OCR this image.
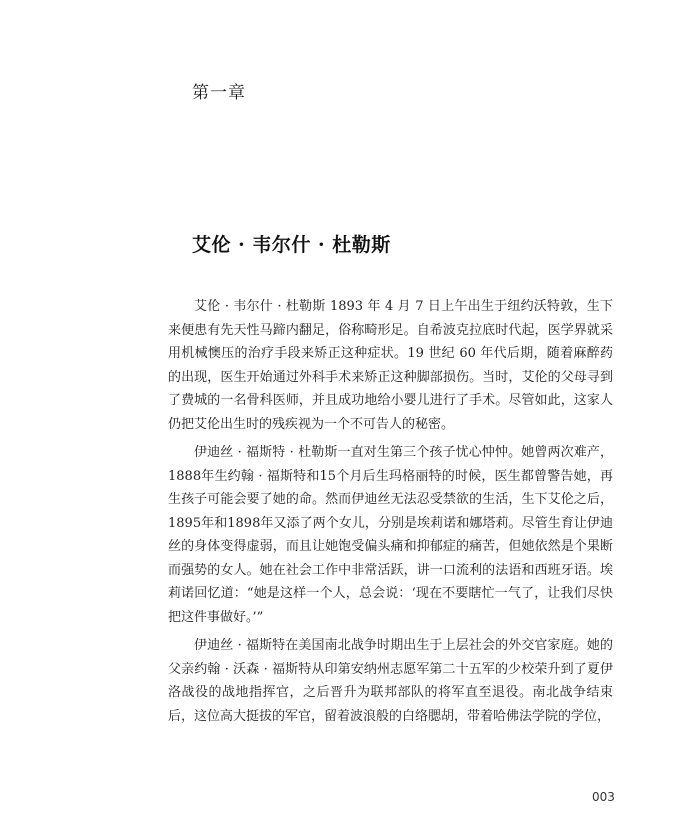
第一章
艾伦 · 韦尔什 · 杜勒斯

艾伦 · 韦尔什 · 杜勒斯 1893 年 4 月 7 日上午出生于纽约沃特敦，生下来便患有先天性马蹄内翻足，俗称畸形足。自希波克拉底时代起，医学界就采用机械懊压的治疗手段来矫正这种症状。19 世纪 60 年代后期，随着麻醉药的出现，医生开始通过外科手术来矫正这种脚部损伤。当时，艾伦的父母寻到了费城的一名骨科医师，并且成功地给小婴儿进行了手术。尽管如此，这家人仍把艾伦出生时的残疾视为一个不可告人的秘密。

伊迪丝 · 福斯特 · 杜勒斯一直对生第三个孩子忧心忡忡。她曾两次难产，1888年生约翰 · 福斯特和15个月后生玛格丽特的时候，医生都曾警告她，再生孩子可能会要了她的命。然而伊迪丝无法忍受禁欲的生活，生下艾伦之后，1895年和1898年又添了两个女儿，分别是埃莉诺和娜塔莉。尽管生育让伊迪丝的身体变得虚弱，而且让她饱受偏头痛和抑郁症的痛苦，但她依然是个果断而强势的女人。她在社会工作中非常活跃，讲一口流利的法语和西班牙语。埃莉诺回忆道：“她是这样一个人，总会说：‘现在不要瞎忙一气了，让我们尽快把这件事做好。’”

伊迪丝 · 福斯特在美国南北战争时期出生于上层社会的外交官家庭。她的父亲约翰 · 沃森 · 福斯特从印第安纳州志愿军第二十五军的少校荣升到了夏伊洛战役的战地指挥官，之后晋升为联邦部队的将军直至退役。南北战争结束后，这位高大挺拔的军官，留着波浪般的白络腮胡，带着哈佛法学院的学位，

003
